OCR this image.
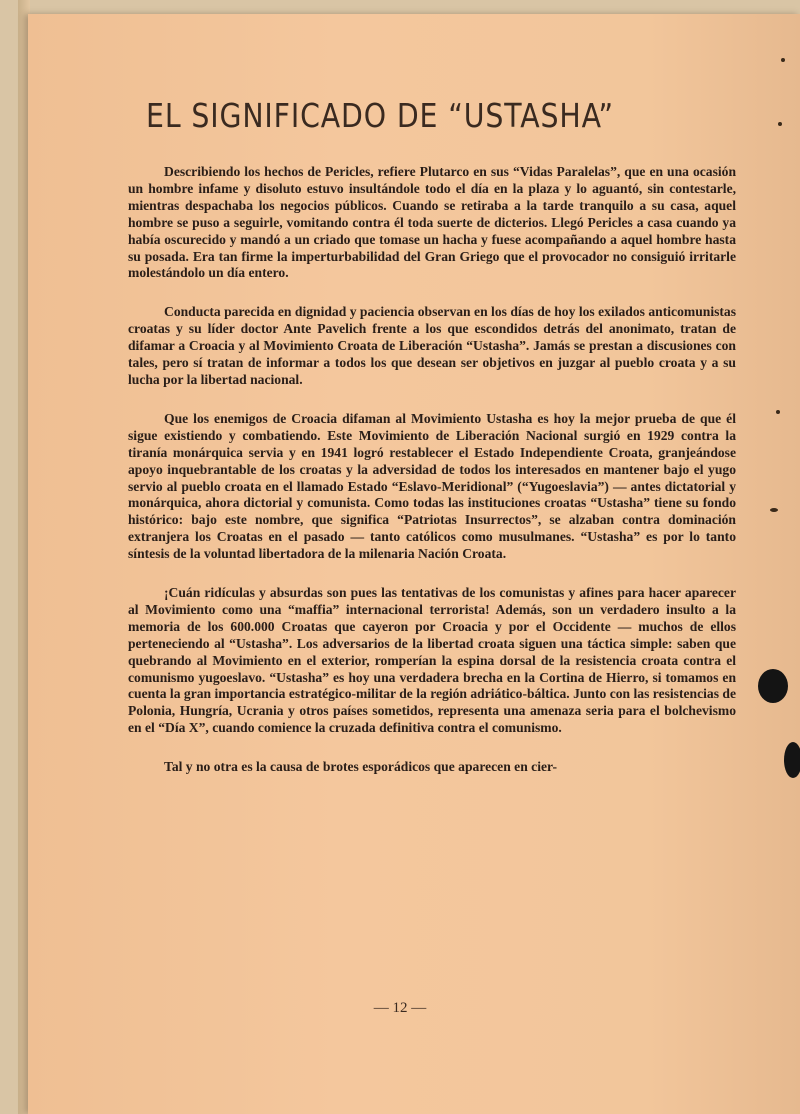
EL SIGNIFICADO DE “USTASHA”

Describiendo los hechos de Pericles, refiere Plutarco en sus “Vidas Paralelas”, que en una ocasión un hombre infame y disoluto estuvo insultándole todo el día en la plaza y lo aguantó, sin contestarle, mientras despachaba los negocios públicos. Cuando se retiraba a la tarde tranquilo a su casa, aquel hombre se puso a seguirle, vomitando contra él toda suerte de dicterios. Llegó Pericles a casa cuando ya había oscurecido y mandó a un criado que tomase un hacha y fuese acompañando a aquel hombre hasta su posada. Era tan firme la imperturbabilidad del Gran Griego que el provocador no consiguió irritarle molestándolo un día entero.

Conducta parecida en dignidad y paciencia observan en los días de hoy los exilados anticomunistas croatas y su líder doctor Ante Pavelich frente a los que escondidos detrás del anonimato, tratan de difamar a Croacia y al Movimiento Croata de Liberación “Ustasha”. Jamás se prestan a discusiones con tales, pero sí tratan de informar a todos los que desean ser objetivos en juzgar al pueblo croata y a su lucha por la libertad nacional.

Que los enemigos de Croacia difaman al Movimiento Ustasha es hoy la mejor prueba de que él sigue existiendo y combatiendo. Este Movimiento de Liberación Nacional surgió en 1929 contra la tiranía monárquica servia y en 1941 logró restablecer el Estado Independiente Croata, granjeándose apoyo inquebrantable de los croatas y la adversidad de todos los interesados en mantener bajo el yugo servio al pueblo croata en el llamado Estado “Eslavo-Meridional” (“Yugoeslavia”) — antes dictatorial y monárquica, ahora dictorial y comunista. Como todas las instituciones croatas “Ustasha” tiene su fondo histórico: bajo este nombre, que significa “Patriotas Insurrectos”, se alzaban contra dominación extranjera los Croatas en el pasado — tanto católicos como musulmanes. “Ustasha” es por lo tanto síntesis de la voluntad libertadora de la milenaria Nación Croata.

¡Cuán ridículas y absurdas son pues las tentativas de los comunistas y afines para hacer aparecer al Movimiento como una “maffia” internacional terrorista! Además, son un verdadero insulto a la memoria de los 600.000 Croatas que cayeron por Croacia y por el Occidente — muchos de ellos perteneciendo al “Ustasha”. Los adversarios de la libertad croata siguen una táctica simple: saben que quebrando al Movimiento en el exterior, romperían la espina dorsal de la resistencia croata contra el comunismo yugoeslavo. “Ustasha” es hoy una verdadera brecha en la Cortina de Hierro, si tomamos en cuenta la gran importancia estratégico-militar de la región adriático-báltica. Junto con las resistencias de Polonia, Hungría, Ucrania y otros países sometidos, representa una amenaza seria para el bolchevismo en el “Día X”, cuando comience la cruzada definitiva contra el comunismo.

Tal y no otra es la causa de brotes esporádicos que aparecen en cier-

— 12 —
